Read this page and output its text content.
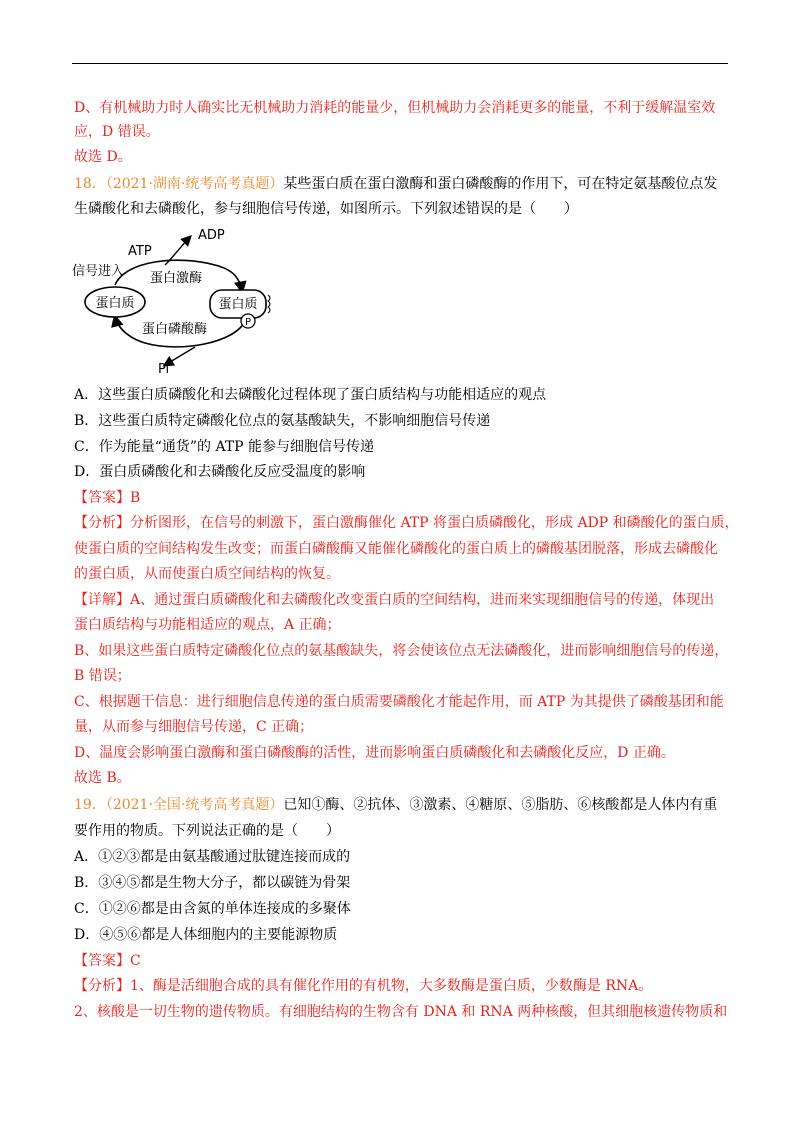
D、有机械助力时人确实比无机械助力消耗的能量少，但机械助力会消耗更多的能量，不利于缓解温室效
应，D 错误。
故选 D。
18．（2021·湖南·统考高考真题）某些蛋白质在蛋白激酶和蛋白磷酸酶的作用下，可在特定氨基酸位点发
生磷酸化和去磷酸化，参与细胞信号传递，如图所示。下列叙述错误的是（　　）
蛋白质	蛋白质
P
ADP
ATP
信号进入 蛋白激酶
蛋白磷酸酶
Pi
A．这些蛋白质磷酸化和去磷酸化过程体现了蛋白质结构与功能相适应的观点
B．这些蛋白质特定磷酸化位点的氨基酸缺失，不影响细胞信号传递
C．作为能量“通货”的 ATP 能参与细胞信号传递
D．蛋白质磷酸化和去磷酸化反应受温度的影响
【答案】B
【分析】分析图形，在信号的刺激下，蛋白激酶催化 ATP 将蛋白质磷酸化，形成 ADP 和磷酸化的蛋白质，
使蛋白质的空间结构发生改变；而蛋白磷酸酶又能催化磷酸化的蛋白质上的磷酸基团脱落，形成去磷酸化
的蛋白质，从而使蛋白质空间结构的恢复。
【详解】A、通过蛋白质磷酸化和去磷酸化改变蛋白质的空间结构，进而来实现细胞信号的传递，体现出
蛋白质结构与功能相适应的观点，A 正确；
B、如果这些蛋白质特定磷酸化位点的氨基酸缺失，将会使该位点无法磷酸化，进而影响细胞信号的传递，
B 错误；
C、根据题干信息：进行细胞信息传递的蛋白质需要磷酸化才能起作用，而 ATP 为其提供了磷酸基团和能
量，从而参与细胞信号传递，C 正确；
D、温度会影响蛋白激酶和蛋白磷酸酶的活性，进而影响蛋白质磷酸化和去磷酸化反应，D 正确。
故选 B。
19．（2021·全国·统考高考真题）已知①酶、②抗体、③激素、④糖原、⑤脂肪、⑥核酸都是人体内有重
要作用的物质。下列说法正确的是（　　）
A．①②③都是由氨基酸通过肽键连接而成的
B．③④⑤都是生物大分子，都以碳链为骨架
C．①②⑥都是由含氮的单体连接成的多聚体
D．④⑤⑥都是人体细胞内的主要能源物质
【答案】C
【分析】1、酶是活细胞合成的具有催化作用的有机物，大多数酶是蛋白质，少数酶是 RNA。
2、核酸是一切生物的遗传物质。有细胞结构的生物含有 DNA 和 RNA 两种核酸，但其细胞核遗传物质和
